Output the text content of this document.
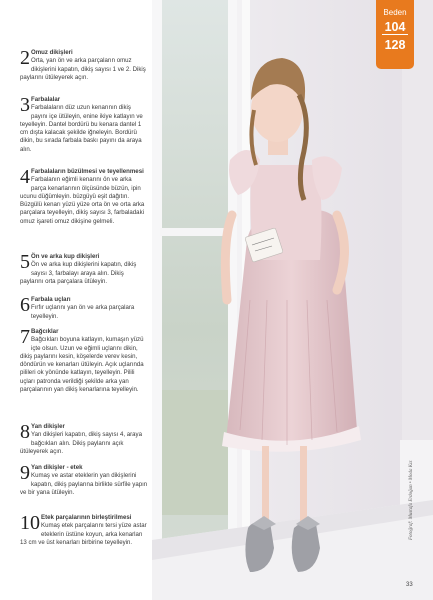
2 Omuz dikişleri
Orta, yan ön ve arka parçaların omuz dikişlerini kapatın, dikiş sayısı 1 ve 2. Dikiş paylarını ütüleyerek açın.
3 Farbalalar
Farbalaların düz uzun kenarının dikiş payını içe ütüleyin, enine ikiye katlayın ve teyelleyin. Dantel bordürü bu kenara dantel 1 cm dışta kalacak şekilde iğneleyin. Bordürü dikin, bu sırada farbala baskı payını da araya alın.
4 Farbalaların büzülmesi ve teyellenmesi
Farbalanın eğimli kenarını ön ve arka parça kenarlarının ölçüsünde büzün, ipin ucunu düğümleyin. büzgüyü eşit dağıtın. Büzgülü kenarı yüzü yüze orta ön ve orta arka parçalara teyelleyin, dikiş sayısı 3, farbaladaki omuz işareti omuz dikişine gelmeli.
5 Ön ve arka kup dikişleri
Ön ve arka kup dikişlerini kapatın, dikiş sayısı 3, farbalayı araya alın. Dikiş paylarını orta parçalara ütüleyin.
6 Farbala uçları
Fırfır uçlarını yan ön ve arka parçalara teyelleyin.
7 Bağcıklar
Bağcıkları boyuna katlayın, kumaşın yüzü içte olsun. Uzun ve eğimli uçlarını dikin, dikiş paylarını kesin, köşelerde verev kesin, döndürün ve kenarları ütüleyin. Açık uçlarında pilileri ok yönünde katlayın, teyelleyin. Pilili uçları patronda verildiği şekilde arka yan parçalarının yan dikiş kenarlarına teyelleyin.
8 Yan dikişler
Yan dikişleri kapatın, dikiş sayısı 4, araya bağcıkları alın. Dikiş paylarını açık ütüleyerek açın.
9 Yan dikişler - etek
Kumaş ve astar eteklerin yan dikişlerini kapatın, dikiş paylarına birlikte sürfile yapın ve bir yana ütüleyin.
10 Etek parçalarının birleştirilmesi
Kumaş etek parçalarını tersi yüze astar eteklerin üstüne koyun, arka kenarları 13 cm ve üst kenarları birbirine teyelleyin.
Beden
104
128
Fotoğraf: Mustafa Erdoğan • Moda Kız
33
